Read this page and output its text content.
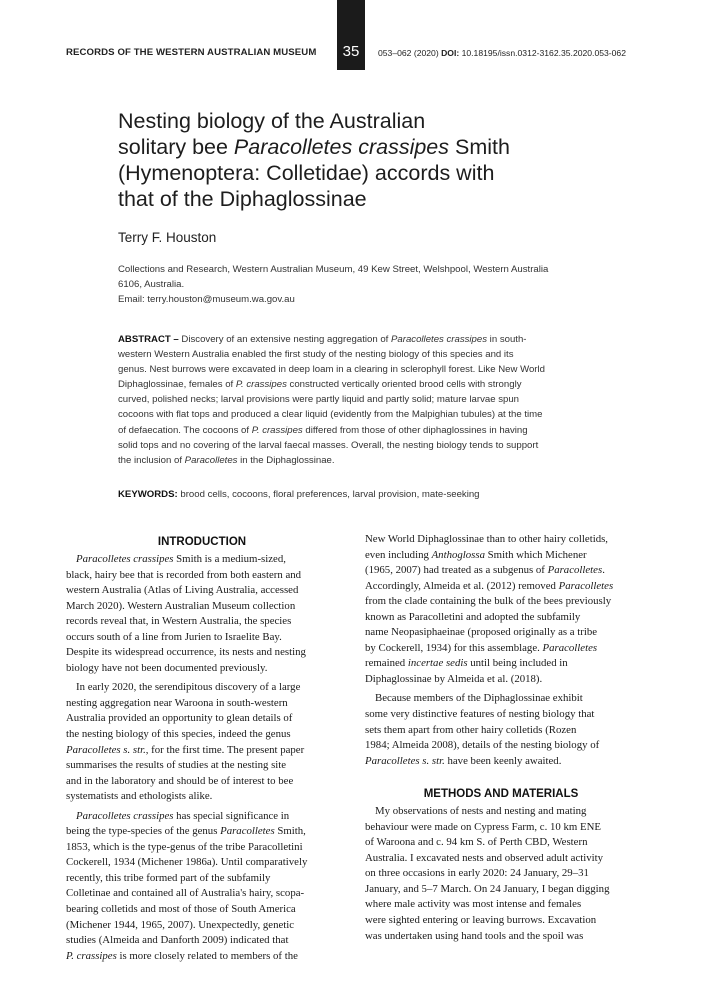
RECORDS OF THE WESTERN AUSTRALIAN MUSEUM	35	053–062 (2020) DOI: 10.18195/issn.0312-3162.35.2020.053-062
Nesting biology of the Australian
solitary bee Paracolletes crassipes Smith
(Hymenoptera: Colletidae) accords with
that of the Diphaglossinae
Terry F. Houston
Collections and Research, Western Australian Museum, 49 Kew Street, Welshpool, Western Australia
6106, Australia.
Email: terry.houston@museum.wa.gov.au
ABSTRACT – Discovery of an extensive nesting aggregation of Paracolletes crassipes in south-
western Western Australia enabled the first study of the nesting biology of this species and its
genus. Nest burrows were excavated in deep loam in a clearing in sclerophyll forest. Like New World
Diphaglossinae, females of P. crassipes constructed vertically oriented brood cells with strongly
curved, polished necks; larval provisions were partly liquid and partly solid; mature larvae spun
cocoons with flat tops and produced a clear liquid (evidently from the Malpighian tubules) at the time
of defaecation. The cocoons of P. crassipes differed from those of other diphaglossines in having
solid tops and no covering of the larval faecal masses. Overall, the nesting biology tends to support
the inclusion of Paracolletes in the Diphaglossinae.
KEYWORDS: brood cells, cocoons, floral preferences, larval provision, mate-seeking
INTRODUCTION
Paracolletes crassipes Smith is a medium-sized,
black, hairy bee that is recorded from both eastern and
western Australia (Atlas of Living Australia, accessed
March 2020). Western Australian Museum collection
records reveal that, in Western Australia, the species
occurs south of a line from Jurien to Israelite Bay.
Despite its widespread occurrence, its nests and nesting
biology have not been documented previously.
In early 2020, the serendipitous discovery of a large
nesting aggregation near Waroona in south-western
Australia provided an opportunity to glean details of
the nesting biology of this species, indeed the genus
Paracolletes s. str., for the first time. The present paper
summarises the results of studies at the nesting site
and in the laboratory and should be of interest to bee
systematists and ethologists alike.
Paracolletes crassipes has special significance in
being the type-species of the genus Paracolletes Smith,
1853, which is the type-genus of the tribe Paracolletini
Cockerell, 1934 (Michener 1986a). Until comparatively
recently, this tribe formed part of the subfamily
Colletinae and contained all of Australia's hairy, scopa-
bearing colletids and most of those of South America
(Michener 1944, 1965, 2007). Unexpectedly, genetic
studies (Almeida and Danforth 2009) indicated that
P. crassipes is more closely related to members of the
New World Diphaglossinae than to other hairy colletids,
even including Anthoglossa Smith which Michener
(1965, 2007) had treated as a subgenus of Paracolletes.
Accordingly, Almeida et al. (2012) removed Paracolletes
from the clade containing the bulk of the bees previously
known as Paracolletini and adopted the subfamily
name Neopasiphaeinae (proposed originally as a tribe
by Cockerell, 1934) for this assemblage. Paracolletes
remained incertae sedis until being included in
Diphaglossinae by Almeida et al. (2018).
Because members of the Diphaglossinae exhibit
some very distinctive features of nesting biology that
sets them apart from other hairy colletids (Rozen
1984; Almeida 2008), details of the nesting biology of
Paracolletes s. str. have been keenly awaited.
METHODS AND MATERIALS
My observations of nests and nesting and mating
behaviour were made on Cypress Farm, c. 10 km ENE
of Waroona and c. 94 km S. of Perth CBD, Western
Australia. I excavated nests and observed adult activity
on three occasions in early 2020: 24 January, 29–31
January, and 5–7 March. On 24 January, I began digging
where male activity was most intense and females
were sighted entering or leaving burrows. Excavation
was undertaken using hand tools and the spoil was
